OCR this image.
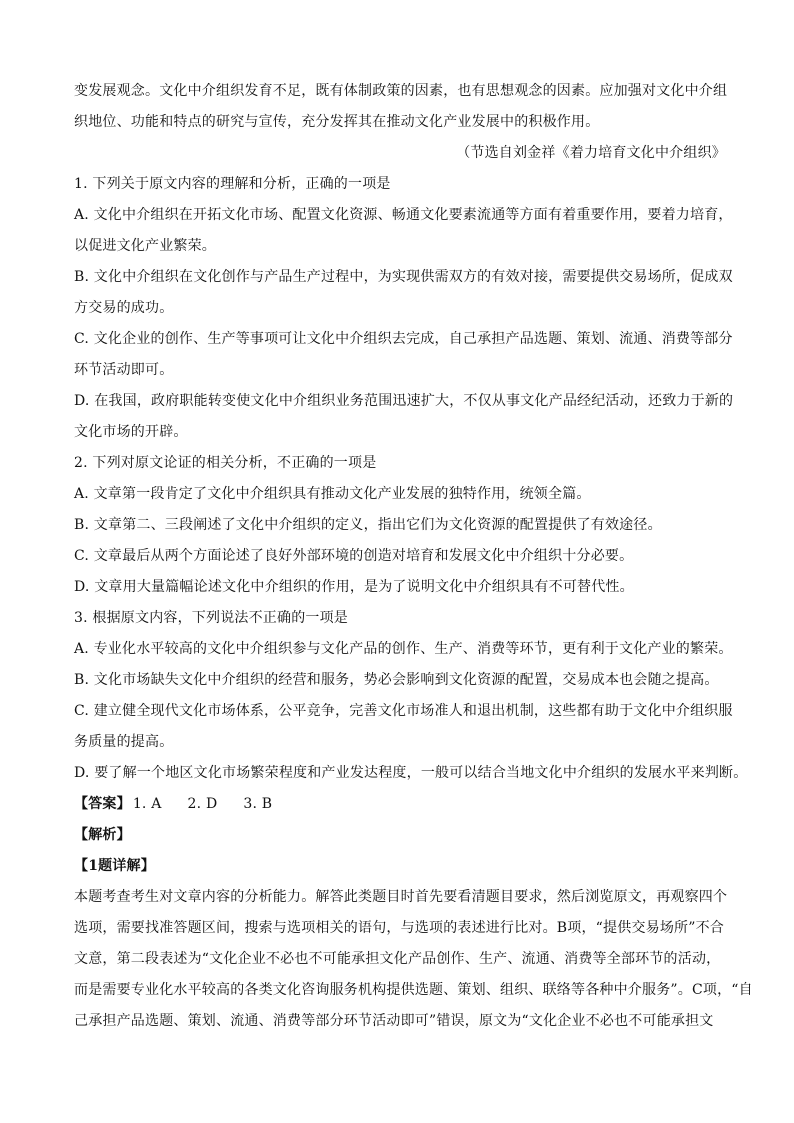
变发展观念。文化中介组织发育不足，既有体制政策的因素，也有思想观念的因素。应加强对文化中介组
织地位、功能和特点的研究与宣传，充分发挥其在推动文化产业发展中的积极作用。
（节选自刘金祥《着力培育文化中介组织》
1. 下列关于原文内容的理解和分析，正确的一项是
A. 文化中介组织在开拓文化市场、配置文化资源、畅通文化要素流通等方面有着重要作用，要着力培育，
以促进文化产业繁荣。
B. 文化中介组织在文化创作与产品生产过程中，为实现供需双方的有效对接，需要提供交易场所，促成双
方交易的成功。
C. 文化企业的创作、生产等事项可让文化中介组织去完成，自己承担产品选题、策划、流通、消费等部分
环节活动即可。
D. 在我国，政府职能转变使文化中介组织业务范围迅速扩大，不仅从事文化产品经纪活动，还致力于新的
文化市场的开辟。
2. 下列对原文论证的相关分析，不正确的一项是
A. 文章第一段肯定了文化中介组织具有推动文化产业发展的独特作用，统领全篇。
B. 文章第二、三段阐述了文化中介组织的定义，指出它们为文化资源的配置提供了有效途径。
C. 文章最后从两个方面论述了良好外部环境的创造对培育和发展文化中介组织十分必要。
D. 文章用大量篇幅论述文化中介组织的作用，是为了说明文化中介组织具有不可替代性。
3. 根据原文内容，下列说法不正确的一项是
A. 专业化水平较高的文化中介组织参与文化产品的创作、生产、消费等环节，更有利于文化产业的繁荣。
B. 文化市场缺失文化中介组织的经营和服务，势必会影响到文化资源的配置，交易成本也会随之提高。
C. 建立健全现代文化市场体系，公平竞争，完善文化市场准人和退出机制，这些都有助于文化中介组织服
务质量的提高。
D. 要了解一个地区文化市场繁荣程度和产业发达程度，一般可以结合当地文化中介组织的发展水平来判断。
【答案】 1. A 2. D 3. B
【解析】
【1题详解】
本题考查考生对文章内容的分析能力。解答此类题目时首先要看清题目要求，然后浏览原文，再观察四个
选项，需要找准答题区间，搜索与选项相关的语句，与选项的表述进行比对。B项，“提供交易场所”不合
文意，第二段表述为“文化企业不必也不可能承担文化产品创作、生产、流通、消费等全部环节的活动，
而是需要专业化水平较高的各类文化咨询服务机构提供选题、策划、组织、联络等各种中介服务”。C项，“自
己承担产品选题、策划、流通、消费等部分环节活动即可”错误，原文为“文化企业不必也不可能承担文
